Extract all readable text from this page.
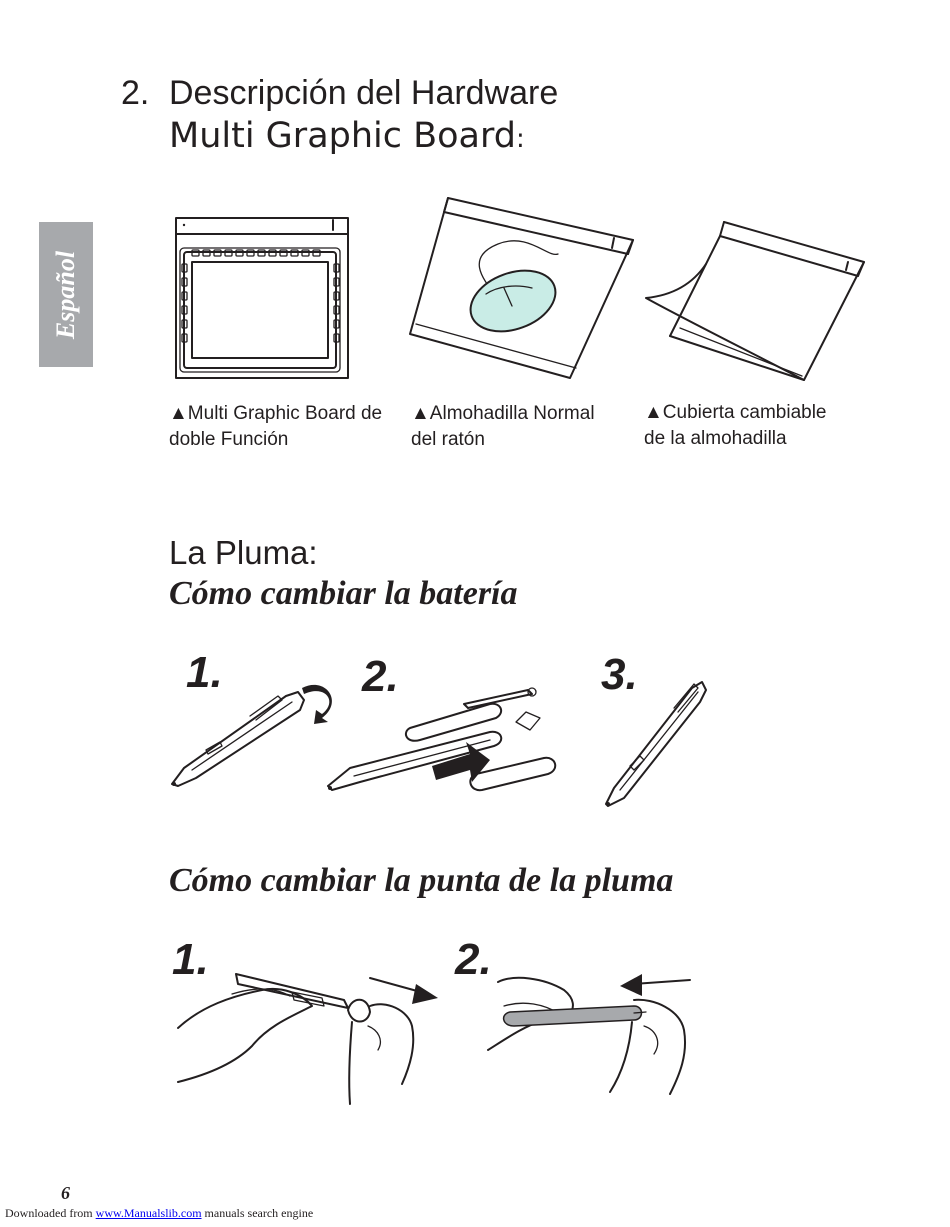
Español
2. Descripción del Hardware
Multi Graphic Board:
▲Multi Graphic Board de
doble Función
▲Almohadilla Normal
del ratón
▲Cubierta cambiable
de la almohadilla
La Pluma:
Cómo cambiar la batería
1.	2.	3.
Cómo cambiar la punta de la pluma
1.	2.
6
Downloaded from www.Manualslib.com manuals search engine
